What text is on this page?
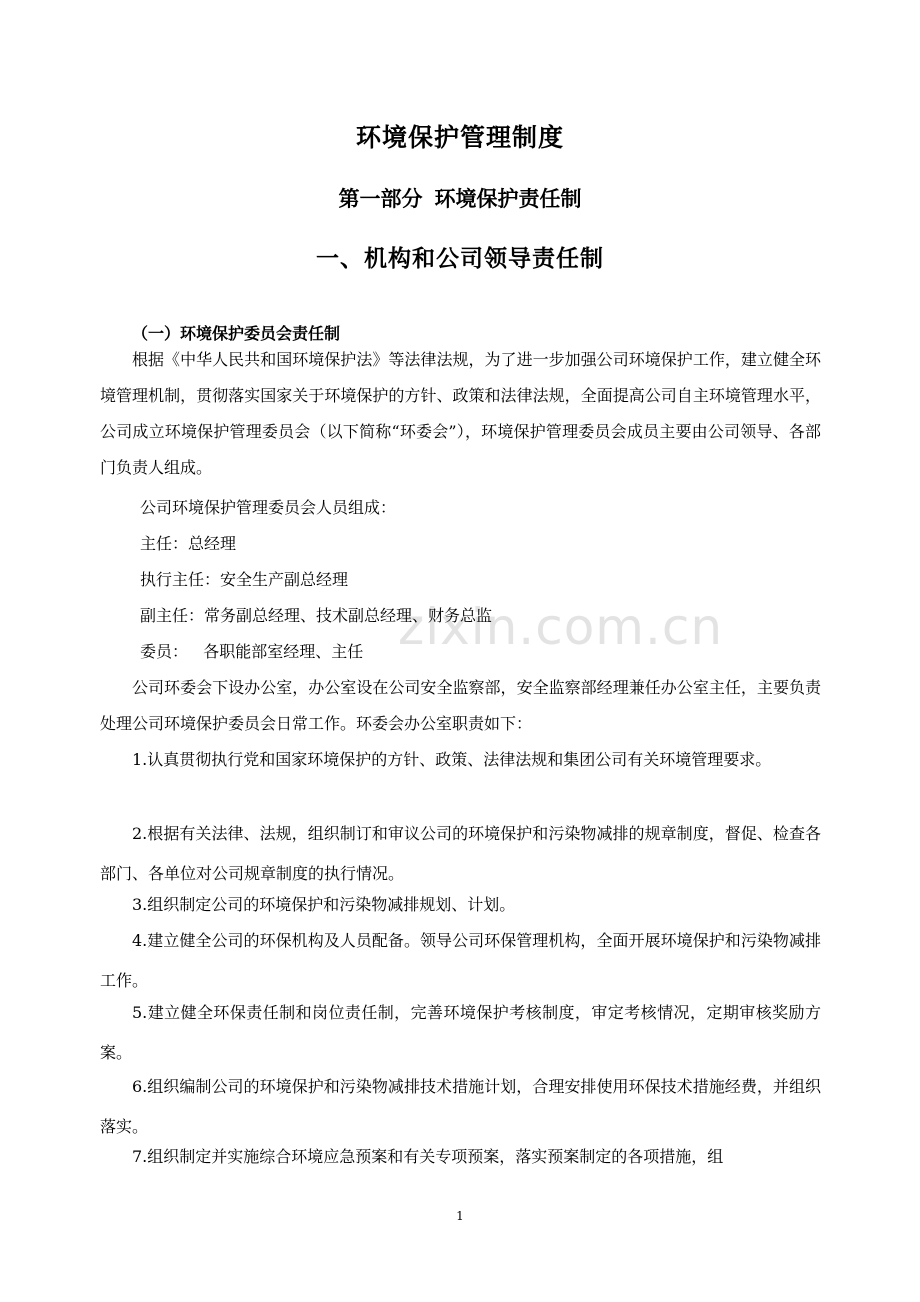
zixin.com.cn
环境保护管理制度
第一部分 环境保护责任制
一、机构和公司领导责任制
（一）环境保护委员会责任制

根据《中华人民共和国环境保护法》等法律法规，为了进一步加强公司环境保护工作，建立健全环境管理机制，贯彻落实国家关于环境保护的方针、政策和法律法规，全面提高公司自主环境管理水平，公司成立环境保护管理委员会（以下简称“环委会”），环境保护管理委员会成员主要由公司领导、各部门负责人组成。

公司环境保护管理委员会人员组成：
主任：总经理
执行主任：安全生产副总经理
副主任：常务副总经理、技术副总经理、财务总监
委员：   各职能部室经理、主任

公司环委会下设办公室，办公室设在公司安全监察部，安全监察部经理兼任办公室主任，主要负责处理公司环境保护委员会日常工作。环委会办公室职责如下：

1.认真贯彻执行党和国家环境保护的方针、政策、法律法规和集团公司有关环境管理要求。

2.根据有关法律、法规，组织制订和审议公司的环境保护和污染物减排的规章制度，督促、检查各部门、各单位对公司规章制度的执行情况。

3.组织制定公司的环境保护和污染物减排规划、计划。

4.建立健全公司的环保机构及人员配备。领导公司环保管理机构，全面开展环境保护和污染物减排工作。

5.建立健全环保责任制和岗位责任制，完善环境保护考核制度，审定考核情况，定期审核奖励方案。

6.组织编制公司的环境保护和污染物减排技术措施计划，合理安排使用环保技术措施经费，并组织落实。

7.组织制定并实施综合环境应急预案和有关专项预案，落实预案制定的各项措施，组

1
